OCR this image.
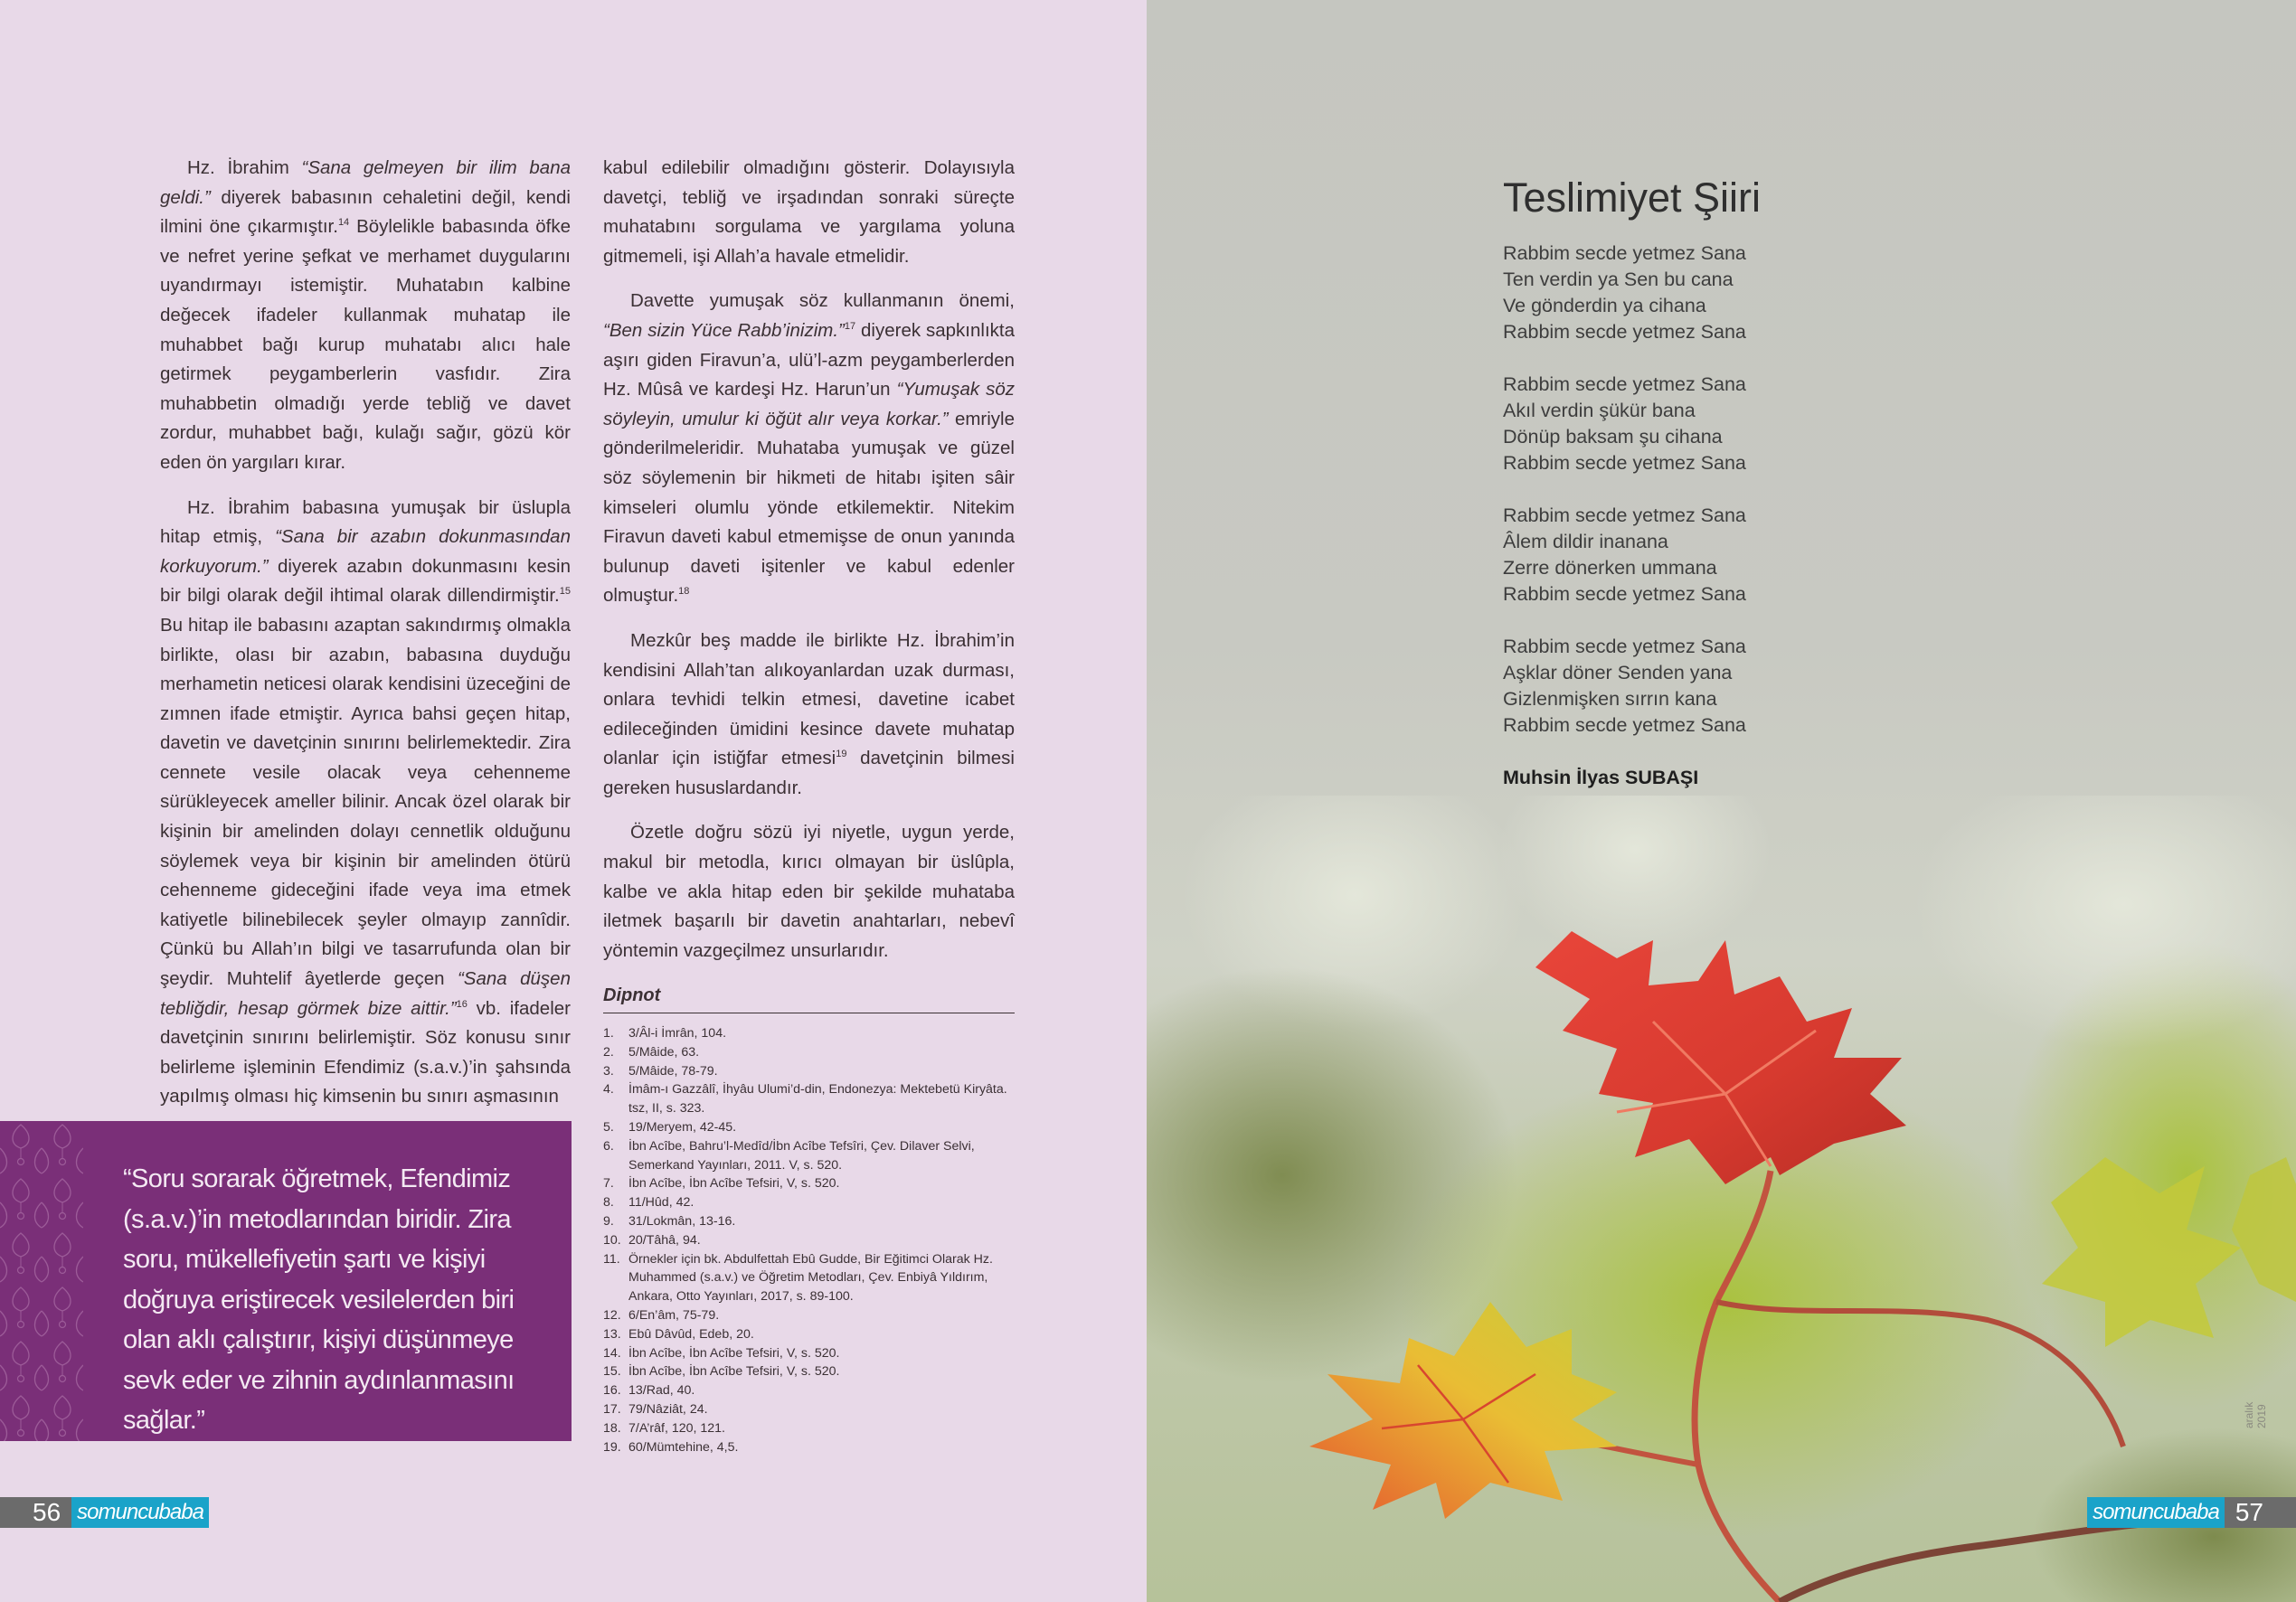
Hz. İbrahim “Sana gelmeyen bir ilim bana geldi.” diyerek babasının cehaletini değil, kendi ilmini öne çıkarmıştır.$^{14}$ Böylelikle babasında öfke ve nefret yerine şefkat ve merhamet duygularını uyandırmayı istemiştir. Muhatabın kalbine değecek ifadeler kullanmak muhatap ile muhabbet bağı kurup muhatabı alıcı hale getirmek peygamberlerin vasfıdır. Zira muhabbetin olmadığı yerde tebliğ ve davet zordur, muhabbet bağı, kulağı sağır, gözü kör eden ön yargıları kırar.

Hz. İbrahim babasına yumuşak bir üslupla hitap etmiş, “Sana bir azabın dokunmasından korkuyorum.” diyerek azabın dokunmasını kesin bir bilgi olarak değil ihtimal olarak dillendirmiştir.$^{15}$ Bu hitap ile babasını azaptan sakındırmış olmakla birlikte, olası bir azabın, babasına duyduğu merhametin neticesi olarak kendisini üzeceğini de zımnen ifade etmiştir. Ayrıca bahsi geçen hitap, davetin ve davetçinin sınırını belirlemektedir. Zira cennete vesile olacak veya cehenneme sürükleyecek ameller bilinir. Ancak özel olarak bir kişinin bir amelinden dolayı cennetlik olduğunu söylemek veya bir kişinin bir amelinden ötürü cehenneme gideceğini ifade veya ima etmek katiyetle bilinebilecek şeyler olmayıp zannîdir. Çünkü bu Allah’ın bilgi ve tasarrufunda olan bir şeydir. Muhtelif âyetlerde geçen “Sana düşen tebliğdir, hesap görmek bize aittir.”$^{16}$ vb. ifadeler davetçinin sınırını belirlemiştir. Söz konusu sınır belirleme işleminin Efendimiz (s.a.v.)’in şahsında yapılmış olması hiç kimsenin bu sınırı aşmasının

kabul edilebilir olmadığını gösterir. Dolayısıyla davetçi, tebliğ ve irşadından sonraki süreçte muhatabını sorgulama ve yargılama yoluna gitmemeli, işi Allah’a havale etmelidir.

Davette yumuşak söz kullanmanın önemi, “Ben sizin Yüce Rabb’inizim.”$^{17}$ diyerek sapkınlıkta aşırı giden Firavun’a, ulü’l-azm peygamberlerden Hz. Mûsâ ve kardeşi Hz. Harun’un “Yumuşak söz söyleyin, umulur ki öğüt alır veya korkar.” emriyle gönderilmeleridir. Muhataba yumuşak ve güzel söz söylemenin bir hikmeti de hitabı işiten sâir kimseleri olumlu yönde etkilemektir. Nitekim Firavun daveti kabul etmemişse de onun yanında bulunup daveti işitenler ve kabul edenler olmuştur.$^{18}$

Mezkûr beş madde ile birlikte Hz. İbrahim’in kendisini Allah’tan alıkoyanlardan uzak durması, onlara tevhidi telkin etmesi, davetine icabet edileceğinden ümidini kesince davete muhatap olanlar için istiğfar etmesi$^{19}$ davetçinin bilmesi gereken hususlardandır.

Özetle doğru sözü iyi niyetle, uygun yerde, makul bir metodla, kırıcı olmayan bir üslûpla, kalbe ve akla hitap eden bir şekilde muhataba iletmek başarılı bir davetin anahtarları, nebevî yöntemin vazgeçilmez unsurlarıdır.

Dipnot
1.	3/Âl-i İmrân, 104.
2.	5/Mâide, 63.
3.	5/Mâide, 78-79.
4.	İmâm-ı Gazzâlî, İhyâu Ulumi’d-din, Endonezya: Mektebetü Kiryâta. tsz, II, s. 323.
5.	19/Meryem, 42-45.
6.	İbn Acîbe, Bahru’l-Medîd/İbn Acîbe Tefsîri, Çev. Dilaver Selvi, Semerkand Yayınları, 2011. V, s. 520.
7.	İbn Acîbe, İbn Acîbe Tefsiri, V, s. 520.
8.	11/Hûd, 42.
9.	31/Lokmân, 13-16.
10. 20/Tâhâ, 94.
11. Örnekler için bk. Abdulfettah Ebû Gudde, Bir Eğitimci Olarak Hz. Muhammed (s.a.v.) ve Öğretim Metodları, Çev. Enbiyâ Yıldırım, Ankara, Otto Yayınları, 2017, s. 89-100.
12. 6/En’âm, 75-79.
13. Ebû Dâvûd, Edeb, 20.
14. İbn Acîbe, İbn Acîbe Tefsiri, V, s. 520.
15. İbn Acîbe, İbn Acîbe Tefsiri, V, s. 520.
16. 13/Rad, 40.
17. 79/Nâziât, 24.
18. 7/A’râf, 120, 121.
19. 60/Mümtehine, 4,5.
“Soru sorarak öğretmek, Efendimiz (s.a.v.)’in metodlarından biridir. Zira soru, mükellefiyetin şartı ve kişiyi doğruya eriştirecek vesilelerden biri olan aklı çalıştırır, kişiyi düşünmeye sevk eder ve zihnin aydınlanmasını sağlar.”
56 somuncubaba
Teslimiyet Şiiri
Rabbim secde yetmez Sana
Ten verdin ya Sen bu cana
Ve gönderdin ya cihana
Rabbim secde yetmez Sana
Rabbim secde yetmez Sana
Akıl verdin şükür bana
Dönüp baksam şu cihana
Rabbim secde yetmez Sana
Rabbim secde yetmez Sana
Âlem dildir inanana
Zerre dönerken ummana
Rabbim secde yetmez Sana
Rabbim secde yetmez Sana
Aşklar döner Senden yana
Gizlenmişken sırrın kana
Rabbim secde yetmez Sana
Muhsin İlyas SUBAŞI
aralık 2019
somuncubaba 57
